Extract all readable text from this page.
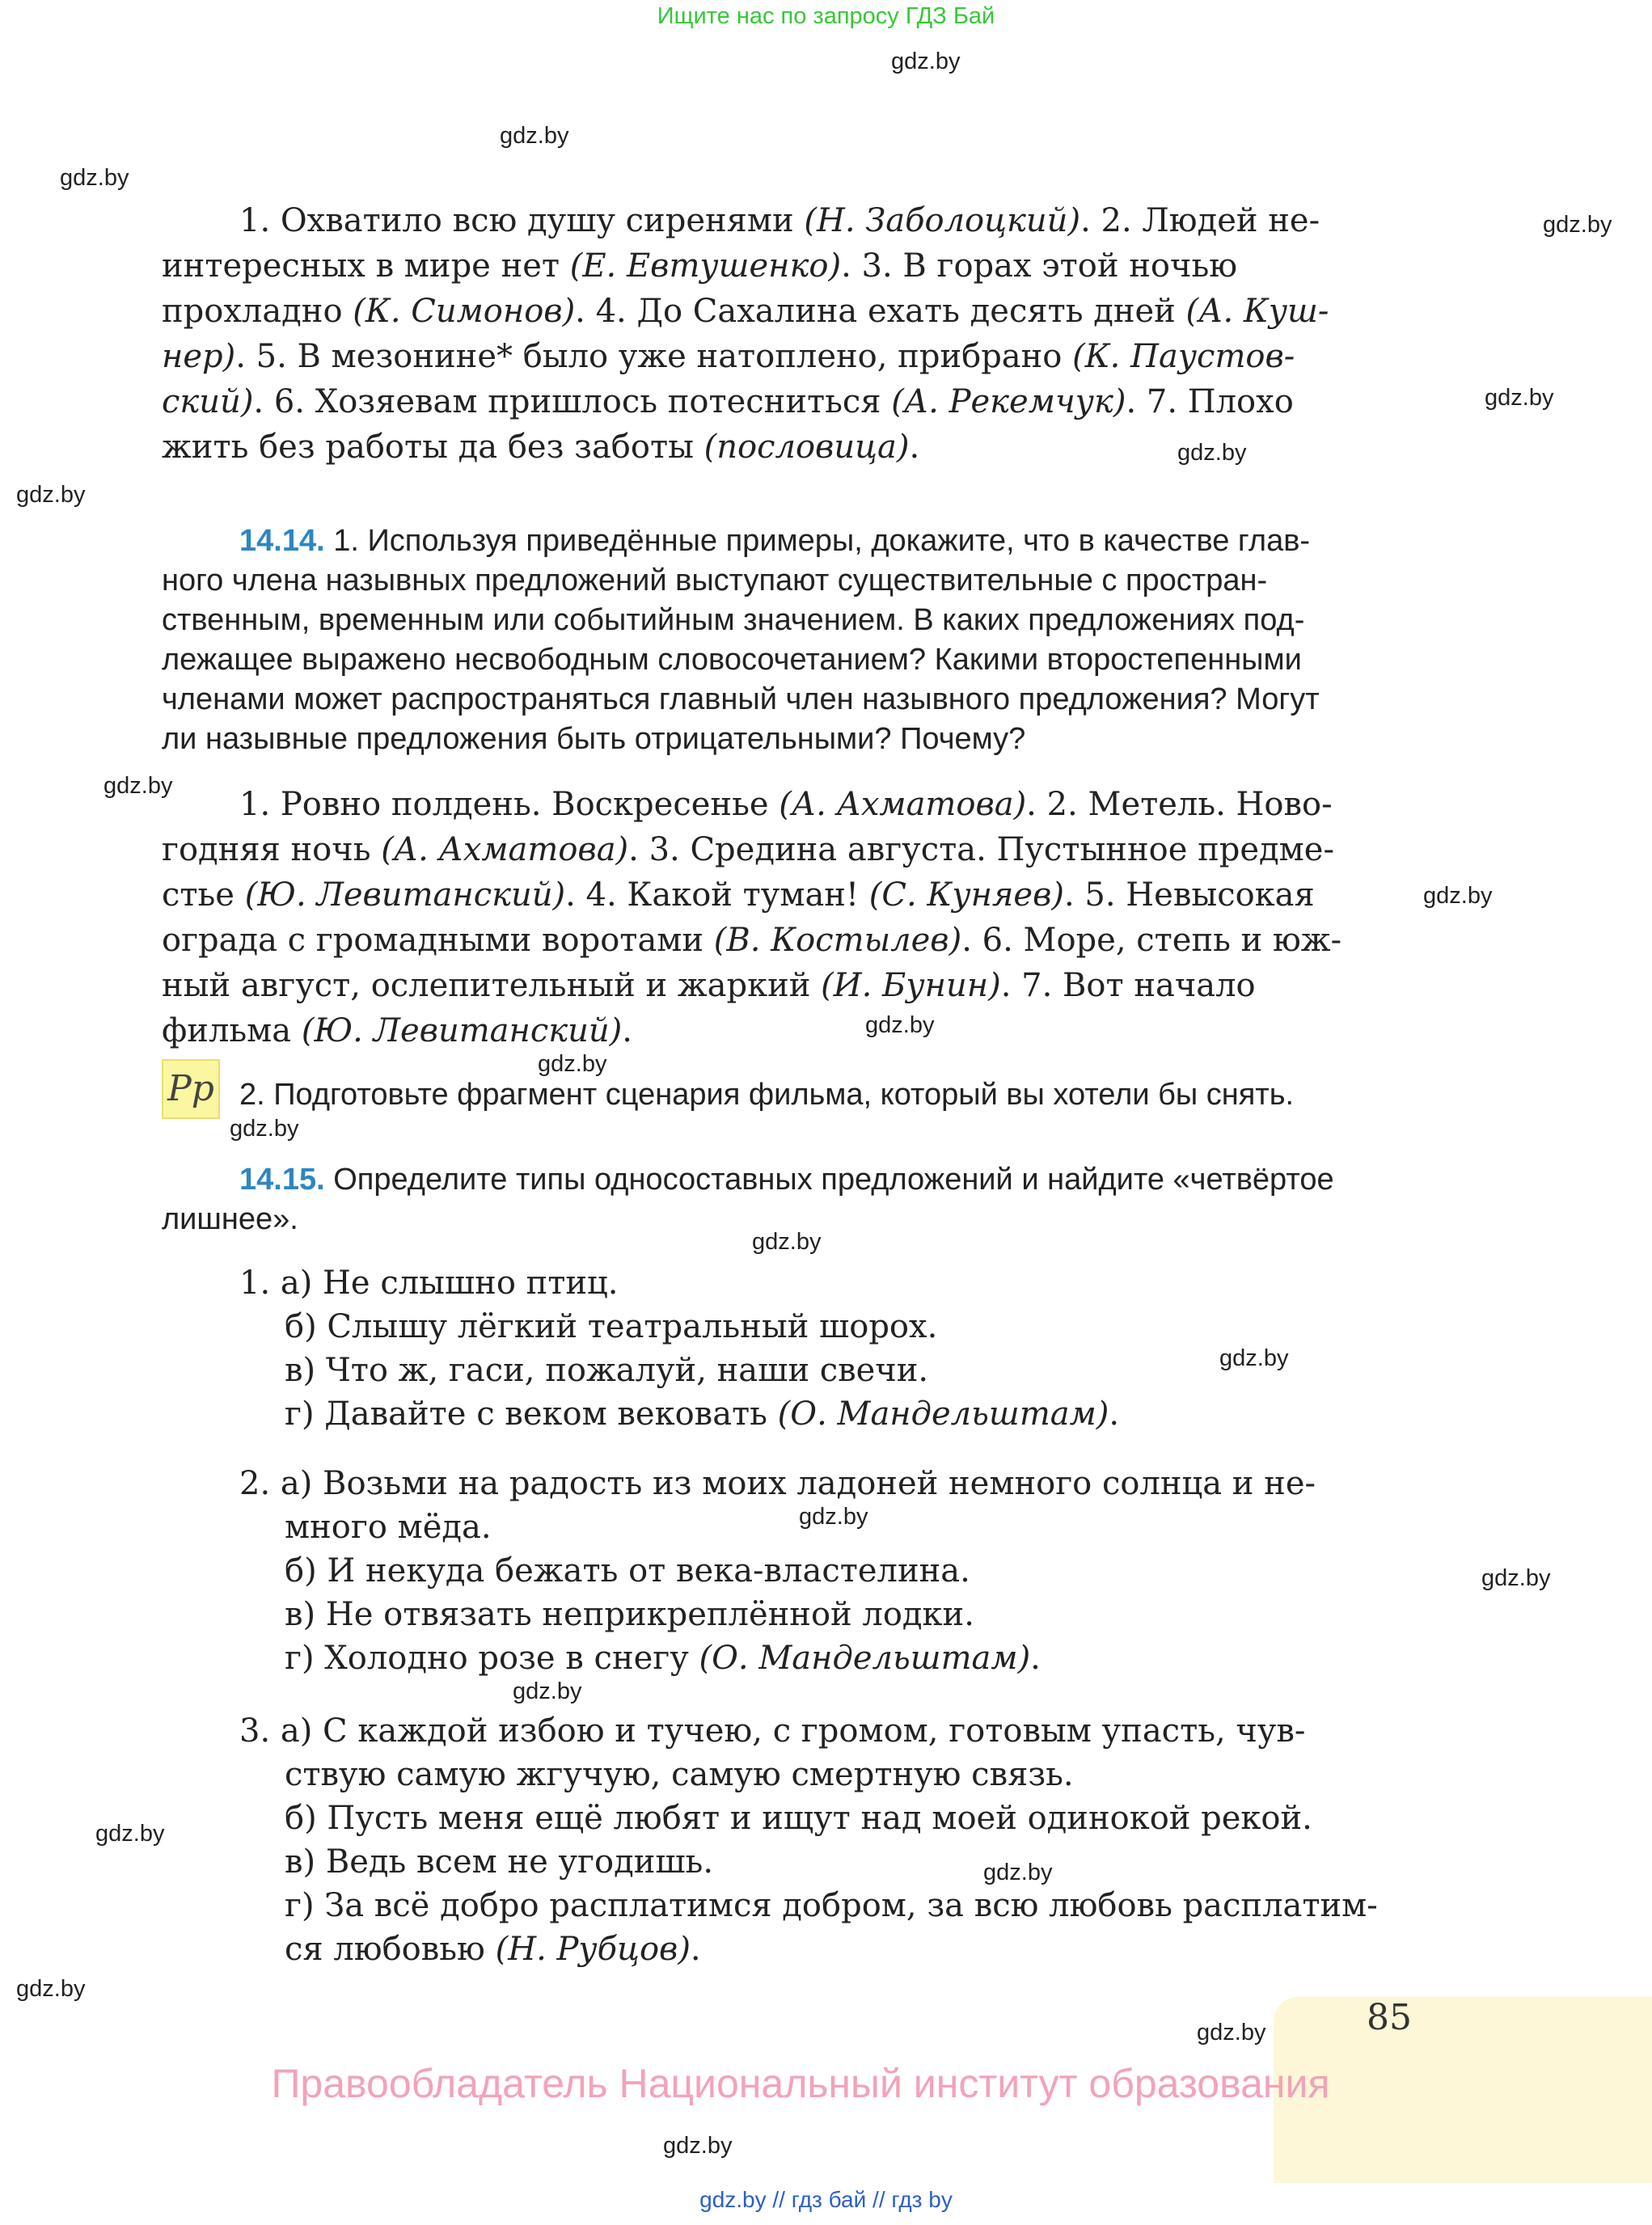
Ищите нас по запросу ГДЗ Бай
gdz.by
gdz.by
gdz.by
gdz.by
gdz.by
gdz.by
gdz.by
gdz.by
gdz.by
gdz.by
gdz.by
gdz.by
gdz.by
gdz.by
gdz.by
gdz.by
gdz.by
gdz.by
gdz.by
gdz.by
gdz.by
gdz.by
1. Охватило всю душу сиренями (Н. Заболоцкий). 2. Людей не-
интересных в мире нет (Е. Евтушенко). 3. В горах этой ночью
прохладно (К. Симонов). 4. До Сахалина ехать десять дней (А. Куш-
нер). 5. В мезонине* было уже натоплено, прибрано (К. Паустов-
ский). 6. Хозяевам пришлось потесниться (А. Рекемчук). 7. Плохо
жить без работы да без заботы (пословица).
14.14. 1. Используя приведённые примеры, докажите, что в качестве глав-
ного члена назывных предложений выступают существительные с простран-
ственным, временным или событийным значением. В каких предложениях под-
лежащее выражено несвободным словосочетанием? Какими второстепенными
членами может распространяться главный член назывного предложения? Могут
ли назывные предложения быть отрицательными? Почему?
1. Ровно полдень. Воскресенье (А. Ахматова). 2. Метель. Ново-
годняя ночь (А. Ахматова). 3. Средина августа. Пустынное предме-
стье (Ю. Левитанский). 4. Какой туман! (С. Куняев). 5. Невысокая
ограда с громадными воротами (В. Костылев). 6. Море, степь и юж-
ный август, ослепительный и жаркий (И. Бунин). 7. Вот начало
фильма (Ю. Левитанский).
Pp 2. Подготовьте фрагмент сценария фильма, который вы хотели бы снять.
14.15. Определите типы односоставных предложений и найдите «четвёртое
лишнее».
1. а) Не слышно птиц.
б) Слышу лёгкий театральный шорох.
в) Что ж, гаси, пожалуй, наши свечи.
г) Давайте с веком вековать (О. Мандельштам).
2. а) Возьми на радость из моих ладоней немного солнца и не-
много мёда.
б) И некуда бежать от века-властелина.
в) Не отвязать неприкреплённой лодки.
г) Холодно розе в снегу (О. Мандельштам).
3. а) С каждой избою и тучею, с громом, готовым упасть, чув-
ствую самую жгучую, самую смертную связь.
б) Пусть меня ещё любят и ищут над моей одинокой рекой.
в) Ведь всем не угодишь.
г) За всё добро расплатимся добром, за всю любовь расплатим-
ся любовью (Н. Рубцов).
85
Правообладатель Национальный институт образования
gdz.by // гдз бай // гдз by
